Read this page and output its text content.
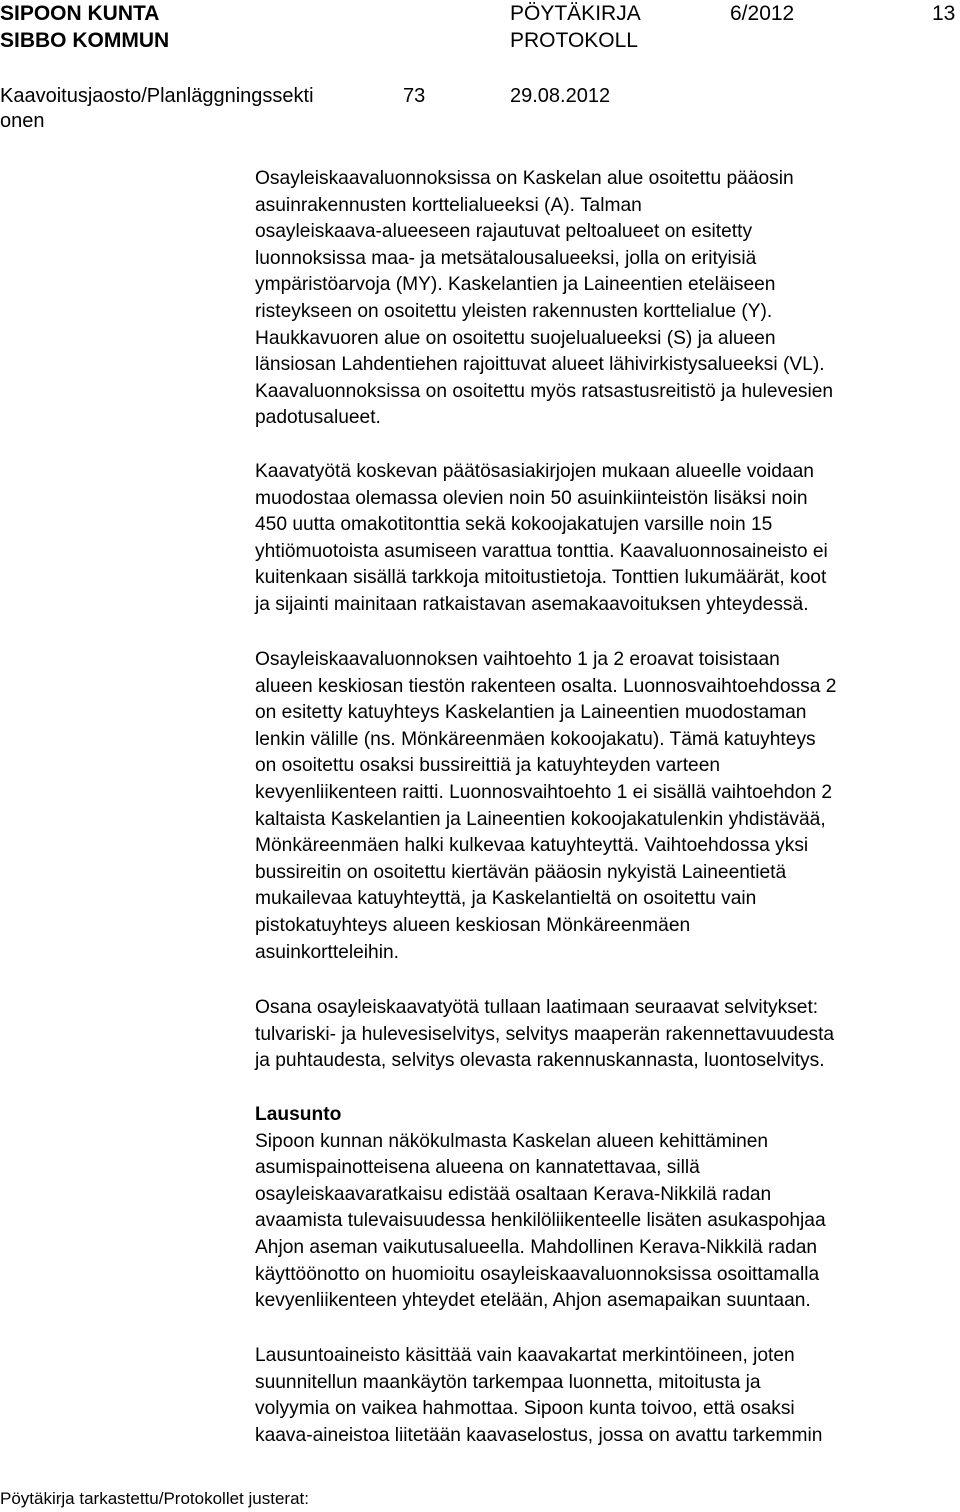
SIPOON KUNTA
SIBBO KOMMUN
PÖYTÄKIRJA
PROTOKOLL
6/2012	13
Kaavoitusjaosto/Planläggningssekti
onen
73	29.08.2012

Osayleiskaavaluonnoksissa on Kaskelan alue osoitettu pääosin

asuinrakennusten korttelialueeksi (A). Talman

osayleiskaava-alueeseen rajautuvat peltoalueet on esitetty

luonnoksissa maa- ja metsätalousalueeksi, jolla on erityisiä

ympäristöarvoja (MY). Kaskelantien ja Laineentien eteläiseen

risteykseen on osoitettu yleisten rakennusten korttelialue (Y).

Haukkavuoren alue on osoitettu suojelualueeksi (S) ja alueen

länsiosan Lahdentiehen rajoittuvat alueet lähivirkistysalueeksi (VL).

Kaavaluonnoksissa on osoitettu myös ratsastusreitistö ja hulevesien

padotusalueet.

Kaavatyötä koskevan päätösasiakirjojen mukaan alueelle voidaan

muodostaa olemassa olevien noin 50 asuinkiinteistön lisäksi noin

450 uutta omakotitonttia sekä kokoojakatujen varsille noin 15

yhtiömuotoista asumiseen varattua tonttia. Kaavaluonnosaineisto ei

kuitenkaan sisällä tarkkoja mitoitustietoja. Tonttien lukumäärät, koot

ja sijainti mainitaan ratkaistavan asemakaavoituksen yhteydessä.

Osayleiskaavaluonnoksen vaihtoehto 1 ja 2 eroavat toisistaan

alueen keskiosan tiestön rakenteen osalta. Luonnosvaihtoehdossa 2

on esitetty katuyhteys Kaskelantien ja Laineentien muodostaman

lenkin välille (ns. Mönkäreenmäen kokoojakatu). Tämä katuyhteys

on osoitettu osaksi bussireittiä ja katuyhteyden varteen

kevyenliikenteen raitti. Luonnosvaihtoehto 1 ei sisällä vaihtoehdon 2

kaltaista Kaskelantien ja Laineentien kokoojakatulenkin yhdistävää,

Mönkäreenmäen halki kulkevaa katuyhteyttä. Vaihtoehdossa yksi

bussireitin on osoitettu kiertävän pääosin nykyistä Laineentietä

mukailevaa katuyhteyttä, ja Kaskelantieltä on osoitettu vain

pistokatuyhteys alueen keskiosan Mönkäreenmäen

asuinkortteleihin.

Osana osayleiskaavatyötä tullaan laatimaan seuraavat selvitykset:

tulvariski- ja hulevesiselvitys, selvitys maaperän rakennettavuudesta

ja puhtaudesta, selvitys olevasta rakennuskannasta, luontoselvitys.

Lausunto

Sipoon kunnan näkökulmasta Kaskelan alueen kehittäminen

asumispainotteisena alueena on kannatettavaa, sillä

osayleiskaavaratkaisu edistää osaltaan Kerava-Nikkilä radan

avaamista tulevaisuudessa henkilöliikenteelle lisäten asukaspohjaa

Ahjon aseman vaikutusalueella. Mahdollinen Kerava-Nikkilä radan

käyttöönotto on huomioitu osayleiskaavaluonnoksissa osoittamalla

kevyenliikenteen yhteydet etelään, Ahjon asemapaikan suuntaan.

Lausuntoaineisto käsittää vain kaavakartat merkintöineen, joten

suunnitellun maankäytön tarkempaa luonnetta, mitoitusta ja

volyymia on vaikea hahmottaa. Sipoon kunta toivoo, että osaksi

kaava-aineistoa liitetään kaavaselostus, jossa on avattu tarkemmin

Pöytäkirja tarkastettu/Protokollet justerat:
